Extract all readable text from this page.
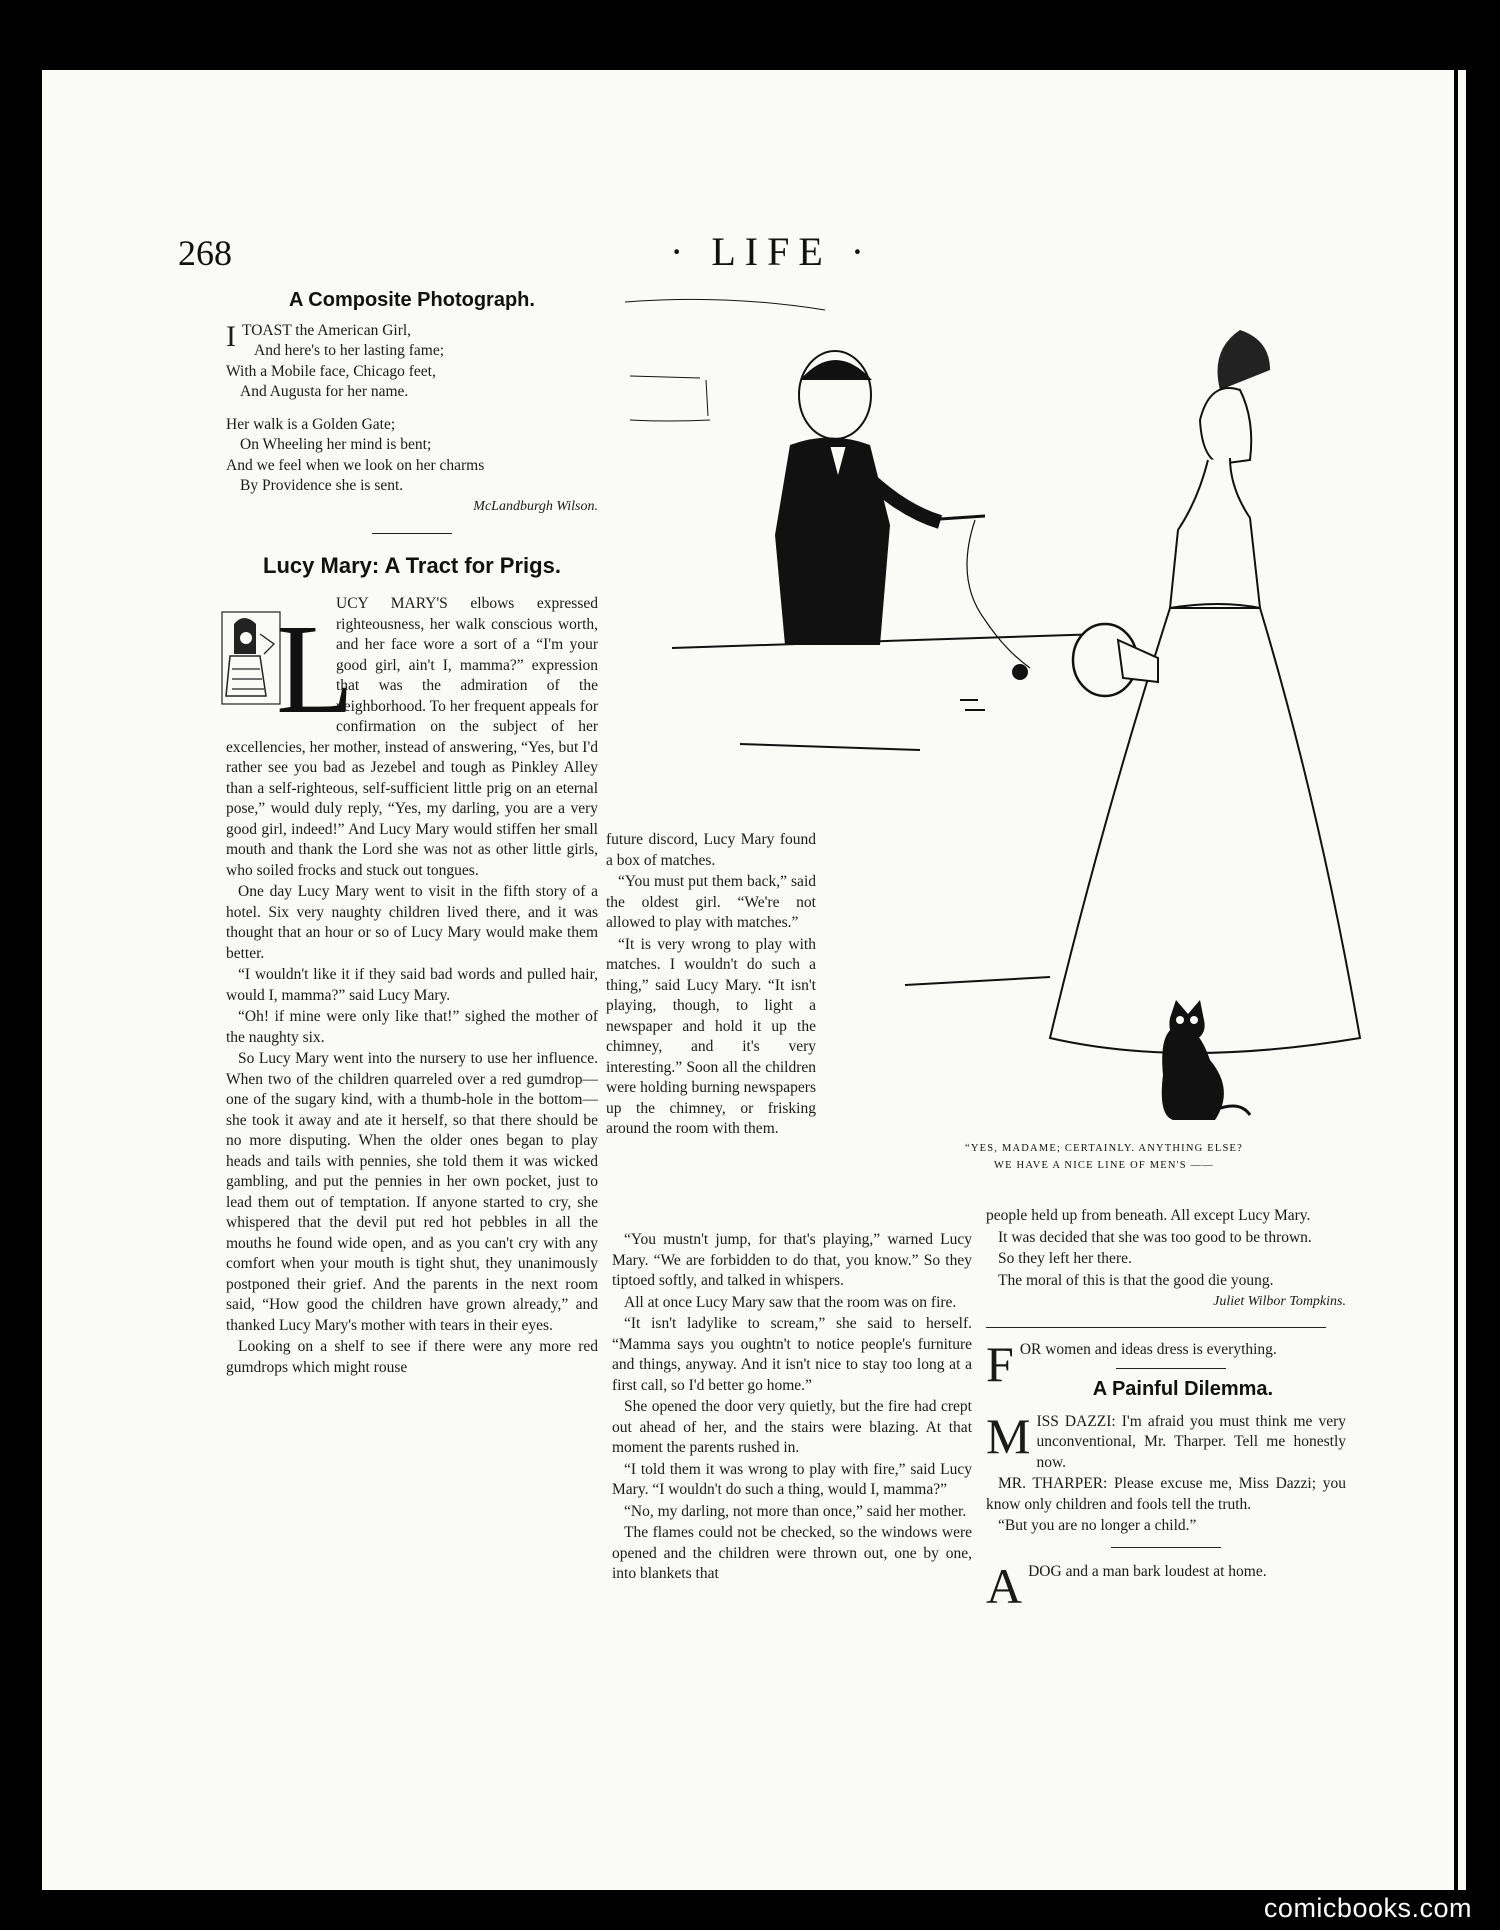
268	· LIFE ·
A Composite Photograph.

ITOAST the American Girl,

And here's to her lasting fame;

With a Mobile face, Chicago feet,

And Augusta for her name.

Her walk is a Golden Gate;

On Wheeling her mind is bent;

And we feel when we look on her charms

By Providence she is sent.

McLandburgh Wilson.
Lucy Mary: A Tract for Prigs.

L
UCY MARY'S elbows expressed righteousness, her walk conscious worth, and her face wore a sort of a “I'm your good girl, ain't I, mamma?” expression that was the admiration of the neighborhood. To her frequent appeals for confirmation on the subject of her excellencies, her mother, instead of answering, “Yes, but I'd rather see you bad as Jezebel and tough as Pinkley Alley than a self-righteous, self-sufficient little prig on an eternal pose,” would duly reply, “Yes, my darling, you are a very good girl, indeed!” And Lucy Mary would stiffen her small mouth and thank the Lord she was not as other little girls, who soiled frocks and stuck out tongues.

One day Lucy Mary went to visit in the fifth story of a hotel. Six very naughty children lived there, and it was thought that an hour or so of Lucy Mary would make them better.

“I wouldn't like it if they said bad words and pulled hair, would I, mamma?” said Lucy Mary.

“Oh! if mine were only like that!” sighed the mother of the naughty six.

So Lucy Mary went into the nursery to use her influence. When two of the children quarreled over a red gumdrop—one of the sugary kind, with a thumb-hole in the bottom—she took it away and ate it herself, so that there should be no more disputing. When the older ones began to play heads and tails with pennies, she told them it was wicked gambling, and put the pennies in her own pocket, just to lead them out of temptation. If anyone started to cry, she whispered that the devil put red hot pebbles in all the mouths he found wide open, and as you can't cry with any comfort when your mouth is tight shut, they unanimously postponed their grief. And the parents in the next room said, “How good the children have grown already,” and thanked Lucy Mary's mother with tears in their eyes.

Looking on a shelf to see if there were any more red gumdrops which might rouse

future discord, Lucy Mary found a box of matches.

“You must put them back,” said the oldest girl. “We're not allowed to play with matches.”

“It is very wrong to play with matches. I wouldn't do such a thing,” said Lucy Mary. “It isn't playing, though, to light a newspaper and hold it up the chimney, and it's very interesting.” Soon all the children were holding burning newspapers up the chimney, or frisking around the room with them.

“You mustn't jump, for that's playing,” warned Lucy Mary. “We are forbidden to do that, you know.” So they tiptoed softly, and talked in whispers.

All at once Lucy Mary saw that the room was on fire.

“It isn't ladylike to scream,” she said to herself. “Mamma says you oughtn't to notice people's furniture and things, anyway. And it isn't nice to stay too long at a first call, so I'd better go home.”

She opened the door very quietly, but the fire had crept out ahead of her, and the stairs were blazing. At that moment the parents rushed in.

“I told them it was wrong to play with fire,” said Lucy Mary. “I wouldn't do such a thing, would I, mamma?”

“No, my darling, not more than once,” said her mother.

The flames could not be checked, so the windows were opened and the children were thrown out, one by one, into blankets that

people held up from beneath. All except Lucy Mary.

It was decided that she was too good to be thrown.

So they left her there.

The moral of this is that the good die young.

Juliet Wilbor Tompkins.

FOR women and ideas dress is everything.

A Painful Dilemma.

MISS DAZZI: I'm afraid you must think me very unconventional, Mr. Tharper. Tell me honestly now.

MR. THARPER: Please excuse me, Miss Dazzi; you know only children and fools tell the truth.

“But you are no longer a child.”

ADOG and a man bark loudest at home.

“YES, MADAME; CERTAINLY. ANYTHING ELSE?
WE HAVE A NICE LINE OF MEN'S ——
comicbooks.com
